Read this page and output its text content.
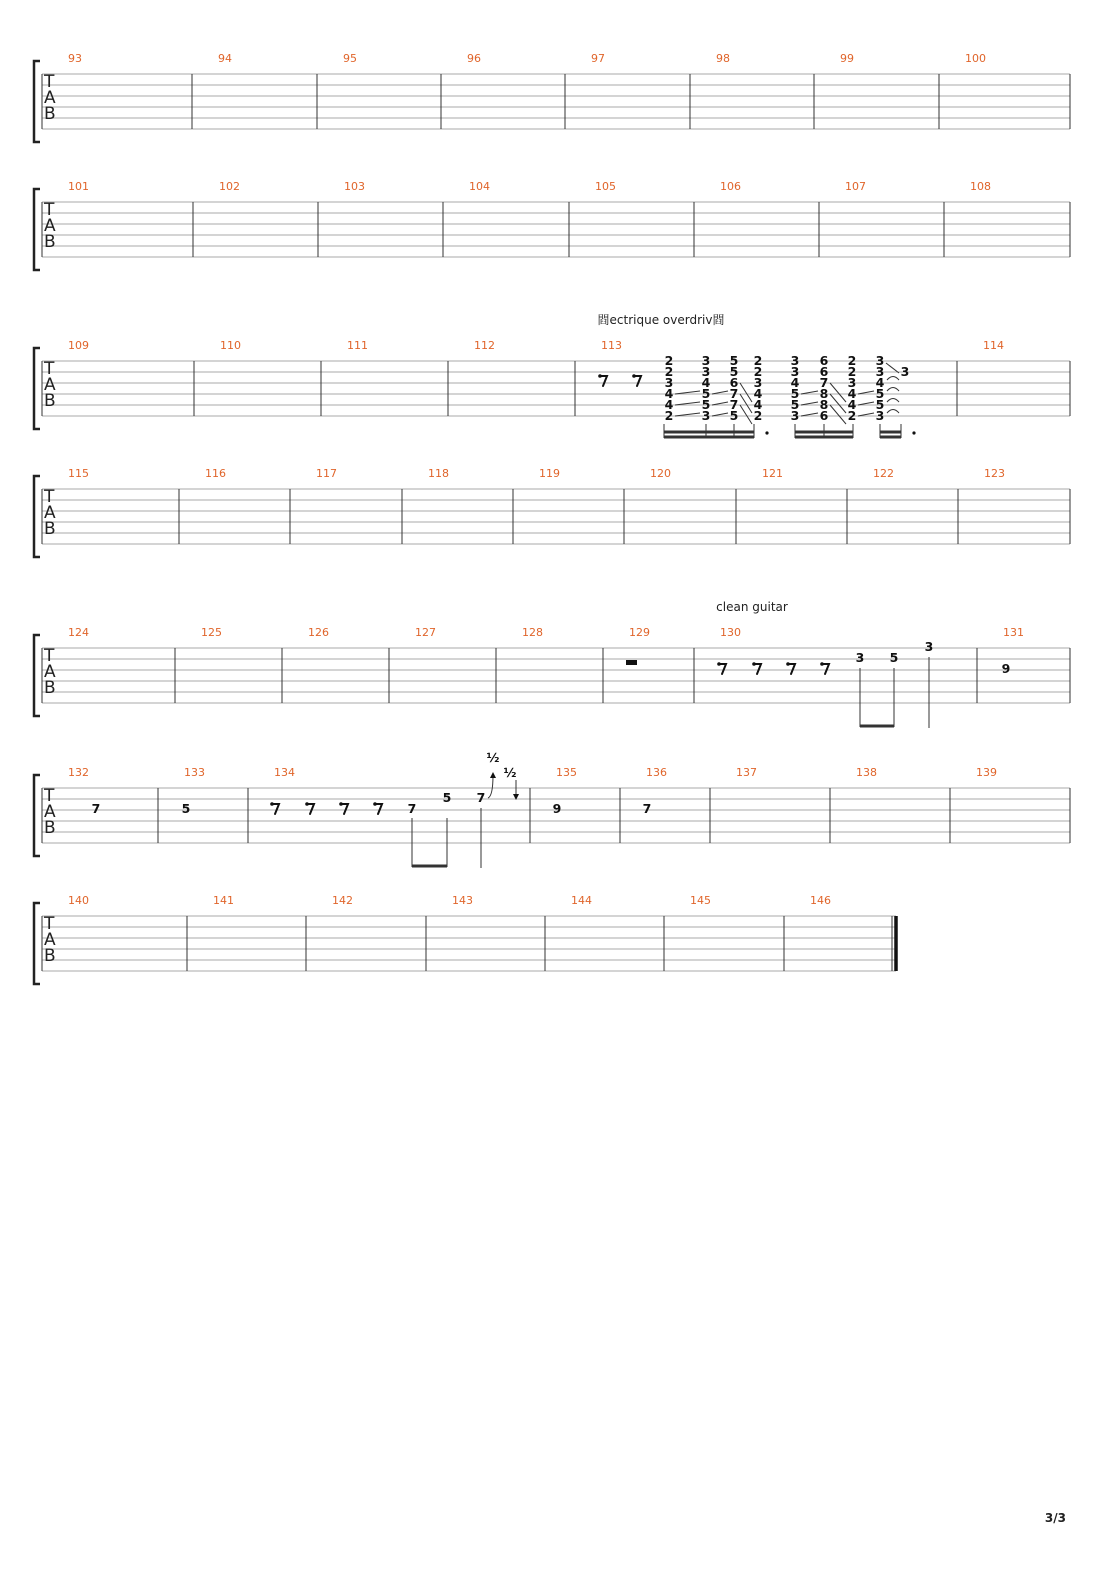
T
A
B
93	94	95	96	97	98	99	100
T
A
B
101	102	103	104	105	106	107	108
T
A
B
109	110	111	112	113	114
T
A
B
115	116	117	118	119	120	121	122	123
T
A
B
124	125	126	127	128	129	130	131
T
A
B
132	133	134	135	136	137	138	139
T
A
B
140	141	142	143	144	145	146
閰ectrique overdriv閰
2
2
3
4
4
2
3
3
4
5
5
3
5
5
6
7
7
5
2
2
3
4
4
2
3
3
4
5
5
3
6
6
7
8
8
6
2
2
3
4
4
2
3
3
4
5
5
3
3
clean guitar
3 5
3
9
7	5	7
5 7
9	7
½
½
3/3
